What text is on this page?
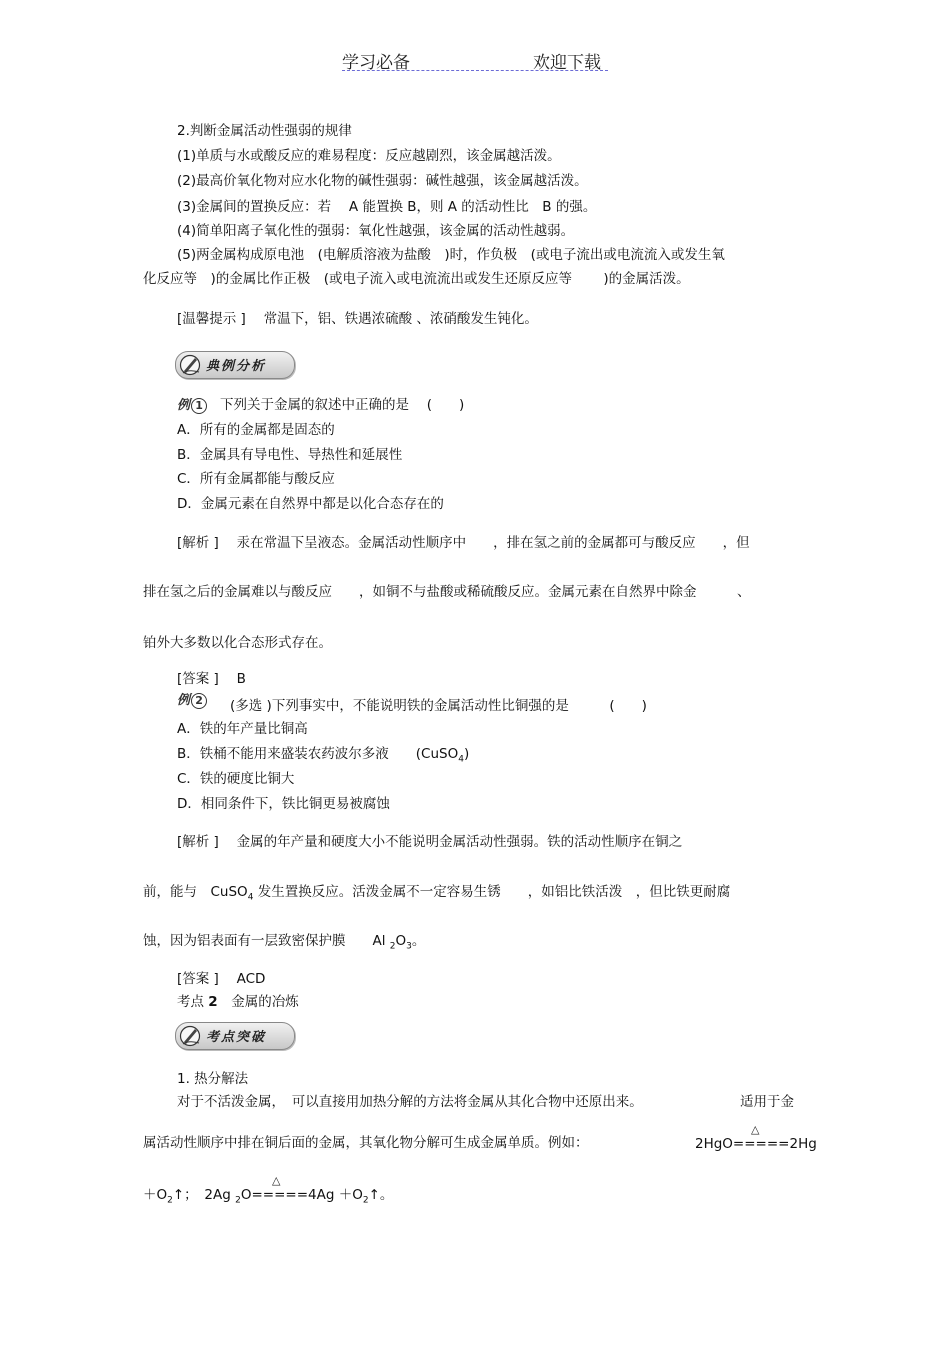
学习必备	欢迎下载
2.判断金属活动性强弱的规律
(1)单质与水或酸反应的难易程度：反应越剧烈，该金属越活泼。
(2)最高价氧化物对应水化物的碱性强弱：碱性越强，该金属越活泼。
(3)金属间的置换反应：若　 A 能置换 B，则 A 的活动性比　B 的强。
(4)简单阳离子氧化性的强弱：氧化性越强，该金属的活动性越弱。
(5)两金属构成原电池　(电解质溶液为盐酸　)时，作负极　(或电子流出或电流流入或发生氧
化反应等　)的金属比作正极　(或电子流入或电流流出或发生还原反应等　　 )的金属活泼。
[温馨提示 ]　 常温下，铝、铁遇浓硫酸 、浓硝酸发生钝化。
典例分析
例 1	下列关于金属的叙述中正确的是　 (　　)
A．所有的金属都是固态的
B．金属具有导电性、导热性和延展性
C．所有金属都能与酸反应
D．金属元素在自然界中都是以化合态存在的
[解析 ]　 汞在常温下呈液态。金属活动性顺序中　　，排在氢之前的金属都可与酸反应　　，但
排在氢之后的金属难以与酸反应　　，如铜不与盐酸或稀硫酸反应。金属元素在自然界中除金　　　、
铂外大多数以化合态形式存在。
[答案 ]　 B
例 2	(多选 )下列事实中，不能说明铁的金属活动性比铜强的是　　　(　　)
A．铁的年产量比铜高
B．铁桶不能用来盛装农药波尔多液　　(CuSO$_4$)
C．铁的硬度比铜大
D．相同条件下，铁比铜更易被腐蚀
[解析 ]　 金属的年产量和硬度大小不能说明金属活动性强弱。铁的活动性顺序在铜之
前，能与　CuSO$_4$ 发生置换反应。活泼金属不一定容易生锈　　，如铝比铁活泼　，但比铁更耐腐
蚀，因为铝表面有一层致密保护膜　　Al $_2O_3$。
[答案 ]　 ACD
考点 2　金属的冶炼
考点突破
1. 热分解法
对于不活泼金属，　可以直接用加热分解的方法将金属从其化合物中还原出来。	适用于金
属活动性顺序中排在铜后面的金属，其氧化物分解可生成金属单质。例如：
△
2HgO=====2Hg
△
$+O_2↑$；　2Ag $_2O=====4Ag +O_2↑$。
